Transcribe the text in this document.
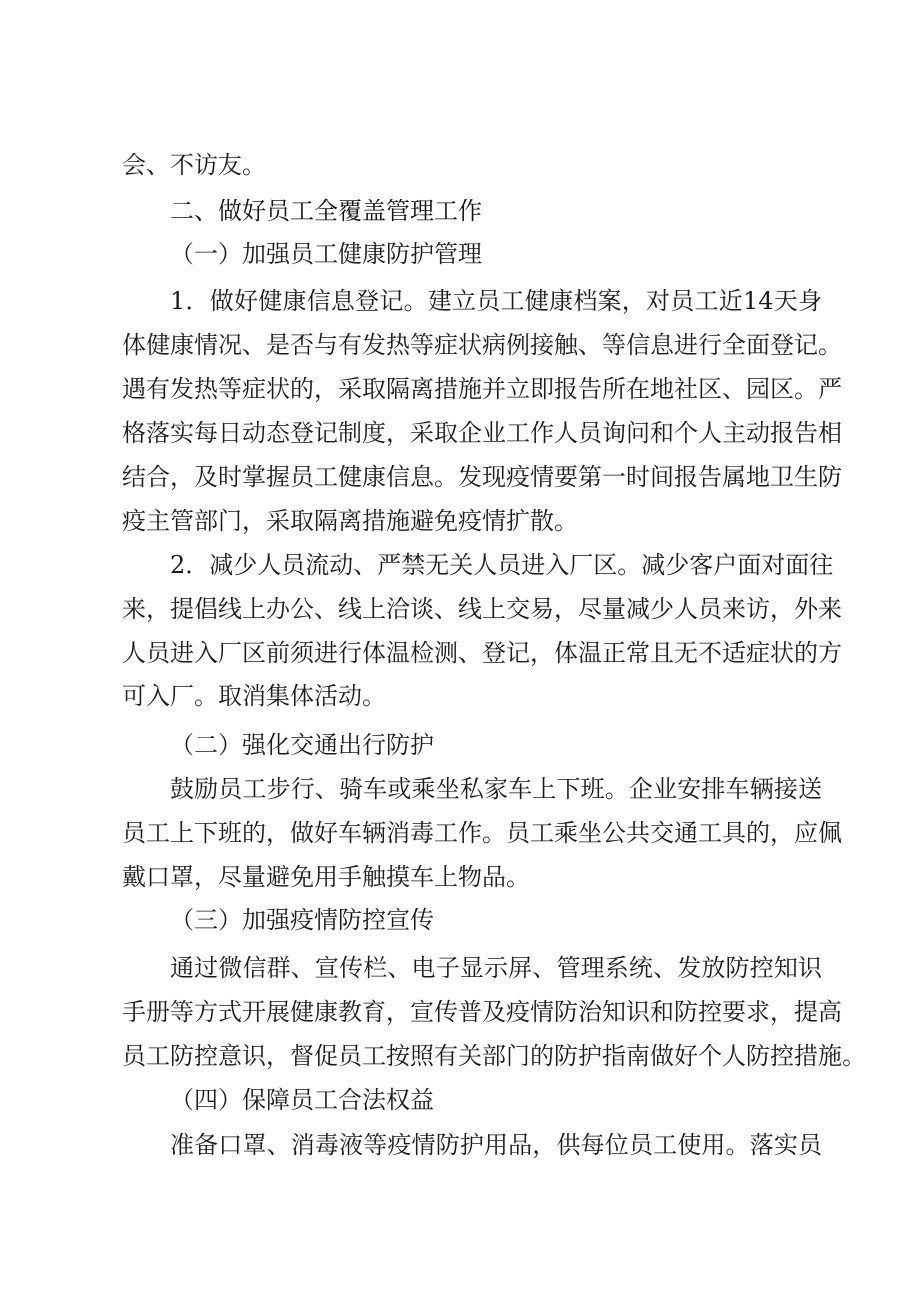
会、不访友。
二、做好员工全覆盖管理工作
（一）加强员工健康防护管理
1．做好健康信息登记。建立员工健康档案，对员工近14天身
体健康情况、是否与有发热等症状病例接触、等信息进行全面登记。
遇有发热等症状的，采取隔离措施并立即报告所在地社区、园区。严
格落实每日动态登记制度，采取企业工作人员询问和个人主动报告相
结合，及时掌握员工健康信息。发现疫情要第一时间报告属地卫生防
疫主管部门，采取隔离措施避免疫情扩散。
2．减少人员流动、严禁无关人员进入厂区。减少客户面对面往
来，提倡线上办公、线上洽谈、线上交易，尽量减少人员来访，外来
人员进入厂区前须进行体温检测、登记，体温正常且无不适症状的方
可入厂。取消集体活动。
（二）强化交通出行防护
鼓励员工步行、骑车或乘坐私家车上下班。企业安排车辆接送
员工上下班的，做好车辆消毒工作。员工乘坐公共交通工具的，应佩
戴口罩，尽量避免用手触摸车上物品。
（三）加强疫情防控宣传
通过微信群、宣传栏、电子显示屏、管理系统、发放防控知识
手册等方式开展健康教育，宣传普及疫情防治知识和防控要求，提高
员工防控意识，督促员工按照有关部门的防护指南做好个人防控措施。
（四）保障员工合法权益
准备口罩、消毒液等疫情防护用品，供每位员工使用。落实员
